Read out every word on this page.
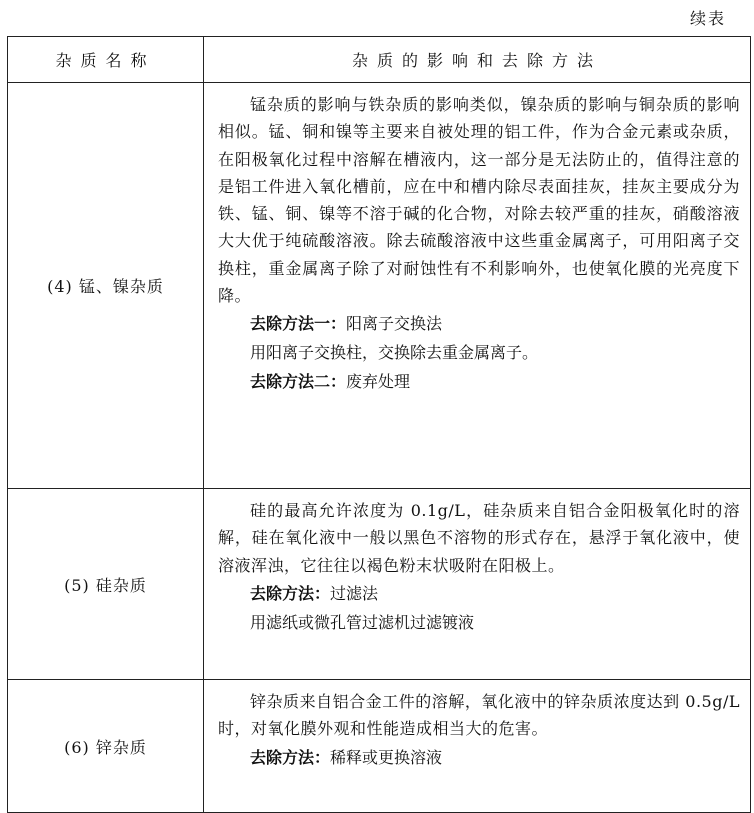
续表
杂质名称	杂质的影响和去除方法
(4) 锰、镍杂质	锰杂质的影响与铁杂质的影响类似，镍杂质的影响与铜杂质的影响相似。锰、铜和镍等主要来自被处理的铝工件，作为合金元素或杂质，在阳极氧化过程中溶解在槽液内，这一部分是无法防止的，值得注意的是铝工件进入氧化槽前，应在中和槽内除尽表面挂灰，挂灰主要成分为铁、锰、铜、镍等不溶于碱的化合物，对除去较严重的挂灰，硝酸溶液大大优于纯硫酸溶液。除去硫酸溶液中这些重金属离子，可用阳离子交换柱，重金属离子除了对耐蚀性有不利影响外，也使氧化膜的光亮度下降。

去除方法一：阳离子交换法

用阳离子交换柱，交换除去重金属离子。

去除方法二：废弃处理

(5) 硅杂质	硅的最高允许浓度为 0.1g/L，硅杂质来自铝合金阳极氧化时的溶解，硅在氧化液中一般以黑色不溶物的形式存在，悬浮于氧化液中，使溶液浑浊，它往往以褐色粉末状吸附在阳极上。

去除方法：过滤法

用滤纸或微孔管过滤机过滤镀液

(6) 锌杂质	锌杂质来自铝合金工件的溶解，氧化液中的锌杂质浓度达到 0.5g/L 时，对氧化膜外观和性能造成相当大的危害。

去除方法：稀释或更换溶液
